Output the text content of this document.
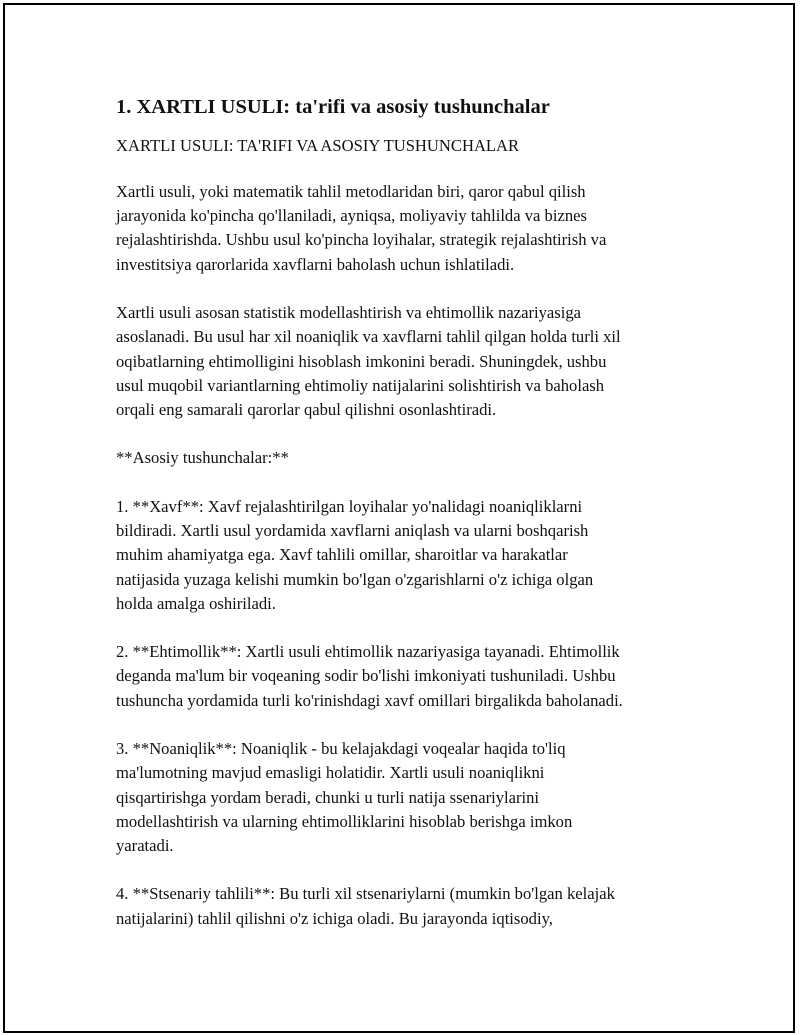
1. XARTLI USULI: ta'rifi va asosiy tushunchalar
XARTLI USULI: TA'RIFI VA ASOSIY TUSHUNCHALAR
Xartli usuli, yoki matematik tahlil metodlaridan biri, qaror qabul qilish
jarayonida ko'pincha qo'llaniladi, ayniqsa, moliyaviy tahlilda va biznes
rejalashtirishda. Ushbu usul ko'pincha loyihalar, strategik rejalashtirish va
investitsiya qarorlarida xavflarni baholash uchun ishlatiladi.
Xartli usuli asosan statistik modellashtirish va ehtimollik nazariyasiga
asoslanadi. Bu usul har xil noaniqlik va xavflarni tahlil qilgan holda turli xil
oqibatlarning ehtimolligini hisoblash imkonini beradi. Shuningdek, ushbu
usul muqobil variantlarning ehtimoliy natijalarini solishtirish va baholash
orqali eng samarali qarorlar qabul qilishni osonlashtiradi.
**Asosiy tushunchalar:**
1. **Xavf**: Xavf rejalashtirilgan loyihalar yo'nalidagi noaniqliklarni
bildiradi. Xartli usul yordamida xavflarni aniqlash va ularni boshqarish
muhim ahamiyatga ega. Xavf tahlili omillar, sharoitlar va harakatlar
natijasida yuzaga kelishi mumkin bo'lgan o'zgarishlarni o'z ichiga olgan
holda amalga oshiriladi.
2. **Ehtimollik**: Xartli usuli ehtimollik nazariyasiga tayanadi. Ehtimollik
deganda ma'lum bir voqeaning sodir bo'lishi imkoniyati tushuniladi. Ushbu
tushuncha yordamida turli ko'rinishdagi xavf omillari birgalikda baholanadi.
3. **Noaniqlik**: Noaniqlik - bu kelajakdagi voqealar haqida to'liq
ma'lumotning mavjud emasligi holatidir. Xartli usuli noaniqlikni
qisqartirishga yordam beradi, chunki u turli natija ssenariylarini
modellashtirish va ularning ehtimolliklarini hisoblab berishga imkon
yaratadi.
4. **Stsenariy tahlili**: Bu turli xil stsenariylarni (mumkin bo'lgan kelajak
natijalarini) tahlil qilishni o'z ichiga oladi. Bu jarayonda iqtisodiy,
